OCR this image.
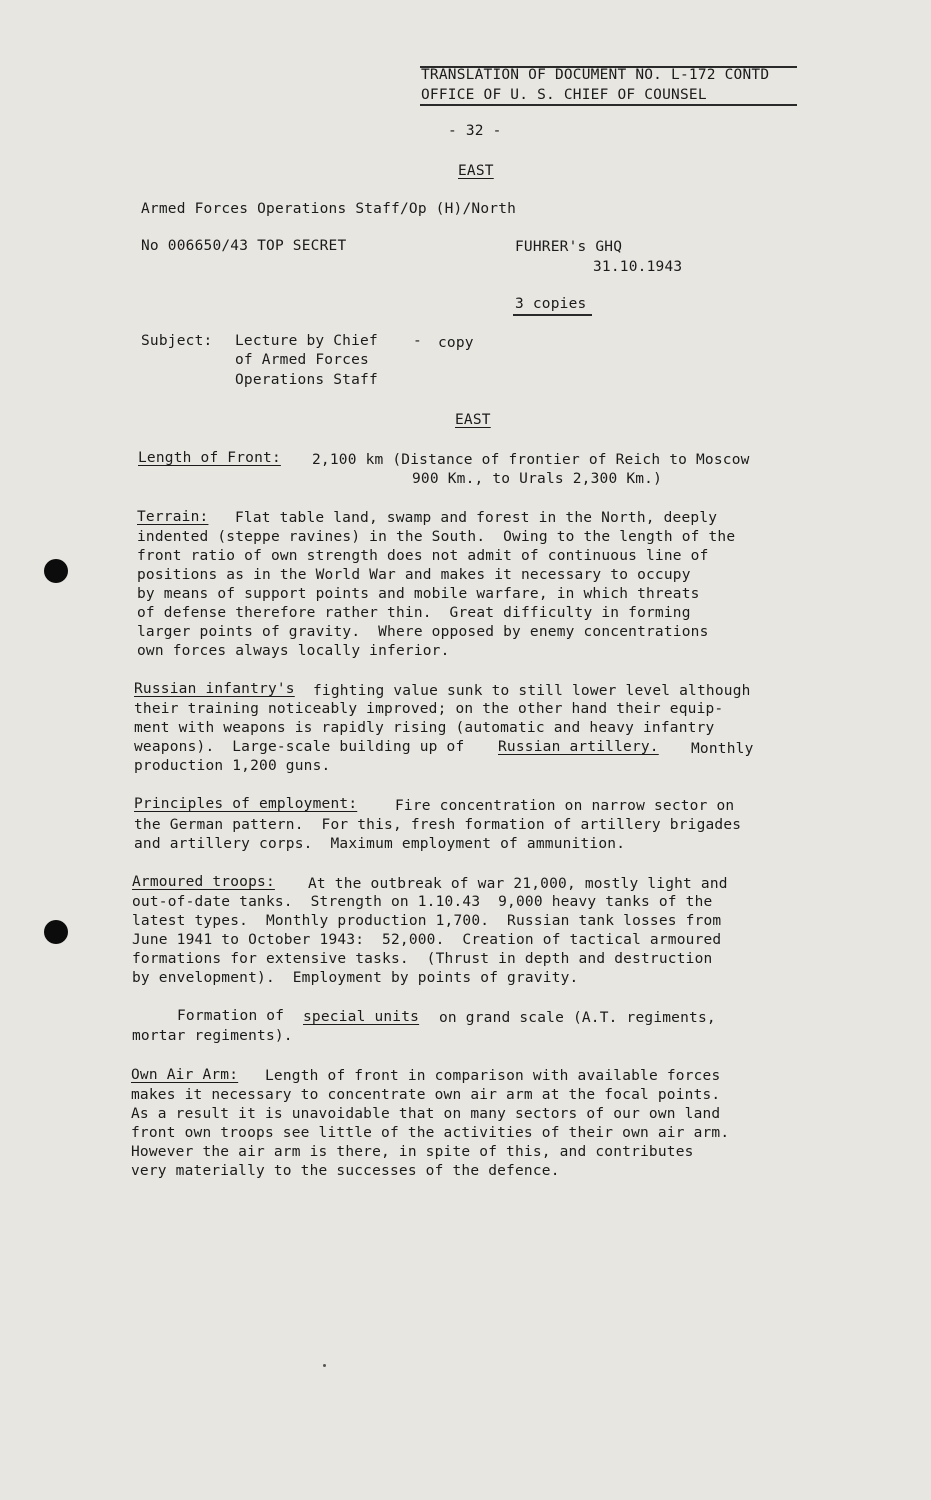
TRANSLATION OF DOCUMENT NO. L-172 CONTD
OFFICE OF U. S. CHIEF OF COUNSEL
- 32 -
EAST
Armed Forces Operations Staff/Op (H)/North
No 006650/43 TOP SECRET	FUHRER's GHQ
31.10.1943
3 copies
Subject: Lecture by Chief - copy
of Armed Forces
Operations Staff
EAST
Length of Front: 2,100 km (Distance of frontier of Reich to Moscow
900 Km., to Urals 2,300 Km.)
Terrain: Flat table land, swamp and forest in the North, deeply
indented (steppe ravines) in the South.  Owing to the length of the
front ratio of own strength does not admit of continuous line of
positions as in the World War and makes it necessary to occupy
by means of support points and mobile warfare, in which threats
of defense therefore rather thin.  Great difficulty in forming
larger points of gravity.  Where opposed by enemy concentrations
own forces always locally inferior.
Russian infantry's fighting value sunk to still lower level although
their training noticeably improved; on the other hand their equip-
ment with weapons is rapidly rising (automatic and heavy infantry
weapons).  Large-scale building up of Russian artillery. Monthly
production 1,200 guns.
Principles of employment:	Fire concentration on narrow sector on
the German pattern.  For this, fresh formation of artillery brigades
and artillery corps.  Maximum employment of ammunition.
Armoured troops: At the outbreak of war 21,000, mostly light and
out-of-date tanks.  Strength on 1.10.43  9,000 heavy tanks of the
latest types.  Monthly production 1,700.  Russian tank losses from
June 1941 to October 1943:  52,000.  Creation of tactical armoured
formations for extensive tasks.  (Thrust in depth and destruction
by envelopment).  Employment by points of gravity.
Formation of special units on grand scale (A.T. regiments,
mortar regiments).
Own Air Arm: Length of front in comparison with available forces
makes it necessary to concentrate own air arm at the focal points.
As a result it is unavoidable that on many sectors of our own land
front own troops see little of the activities of their own air arm.
However the air arm is there, in spite of this, and contributes
very materially to the successes of the defence.
